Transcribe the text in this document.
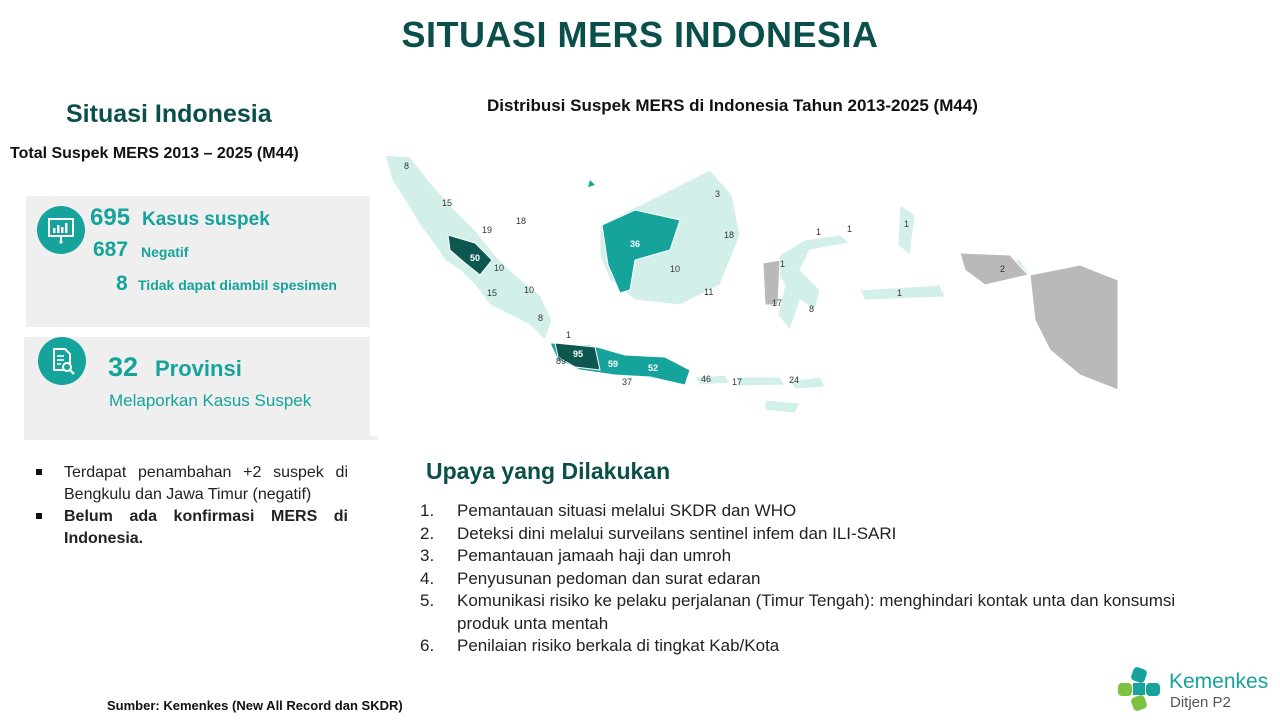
SITUASI MERS INDONESIA
Situasi Indonesia
Total Suspek MERS 2013 – 2025 (M44)
695 Kasus suspek
687 Negatif
8 Tidak dapat diambil spesimen
32 Provinsi
Melaporkan Kasus Suspek
Terdapat penambahan +2 suspek di Bengkulu dan Jawa Timur (negatif)
Belum ada konfirmasi MERS di Indonesia.
Distribusi Suspek MERS di Indonesia Tahun 2013-2025 (M44)
8
15
18
19
50
10
10
15
8
3
36
18
10
11
1	1	1
1
1
17
8
1
95
89	59	52
37	46 17	24
2
Upaya yang Dilakukan
1.	Pemantauan situasi melalui SKDR dan WHO
2.	Deteksi dini melalui surveilans sentinel infem dan ILI-SARI
3.	Pemantauan jamaah haji dan umroh
4.	Penyusunan pedoman dan surat edaran
5.	Komunikasi risiko ke pelaku perjalanan (Timur Tengah): menghindari kontak unta dan konsumsi produk unta mentah
6.	Penilaian risiko berkala di tingkat Kab/Kota
Sumber: Kemenkes (New All Record dan SKDR)
Kemenkes
Ditjen P2
